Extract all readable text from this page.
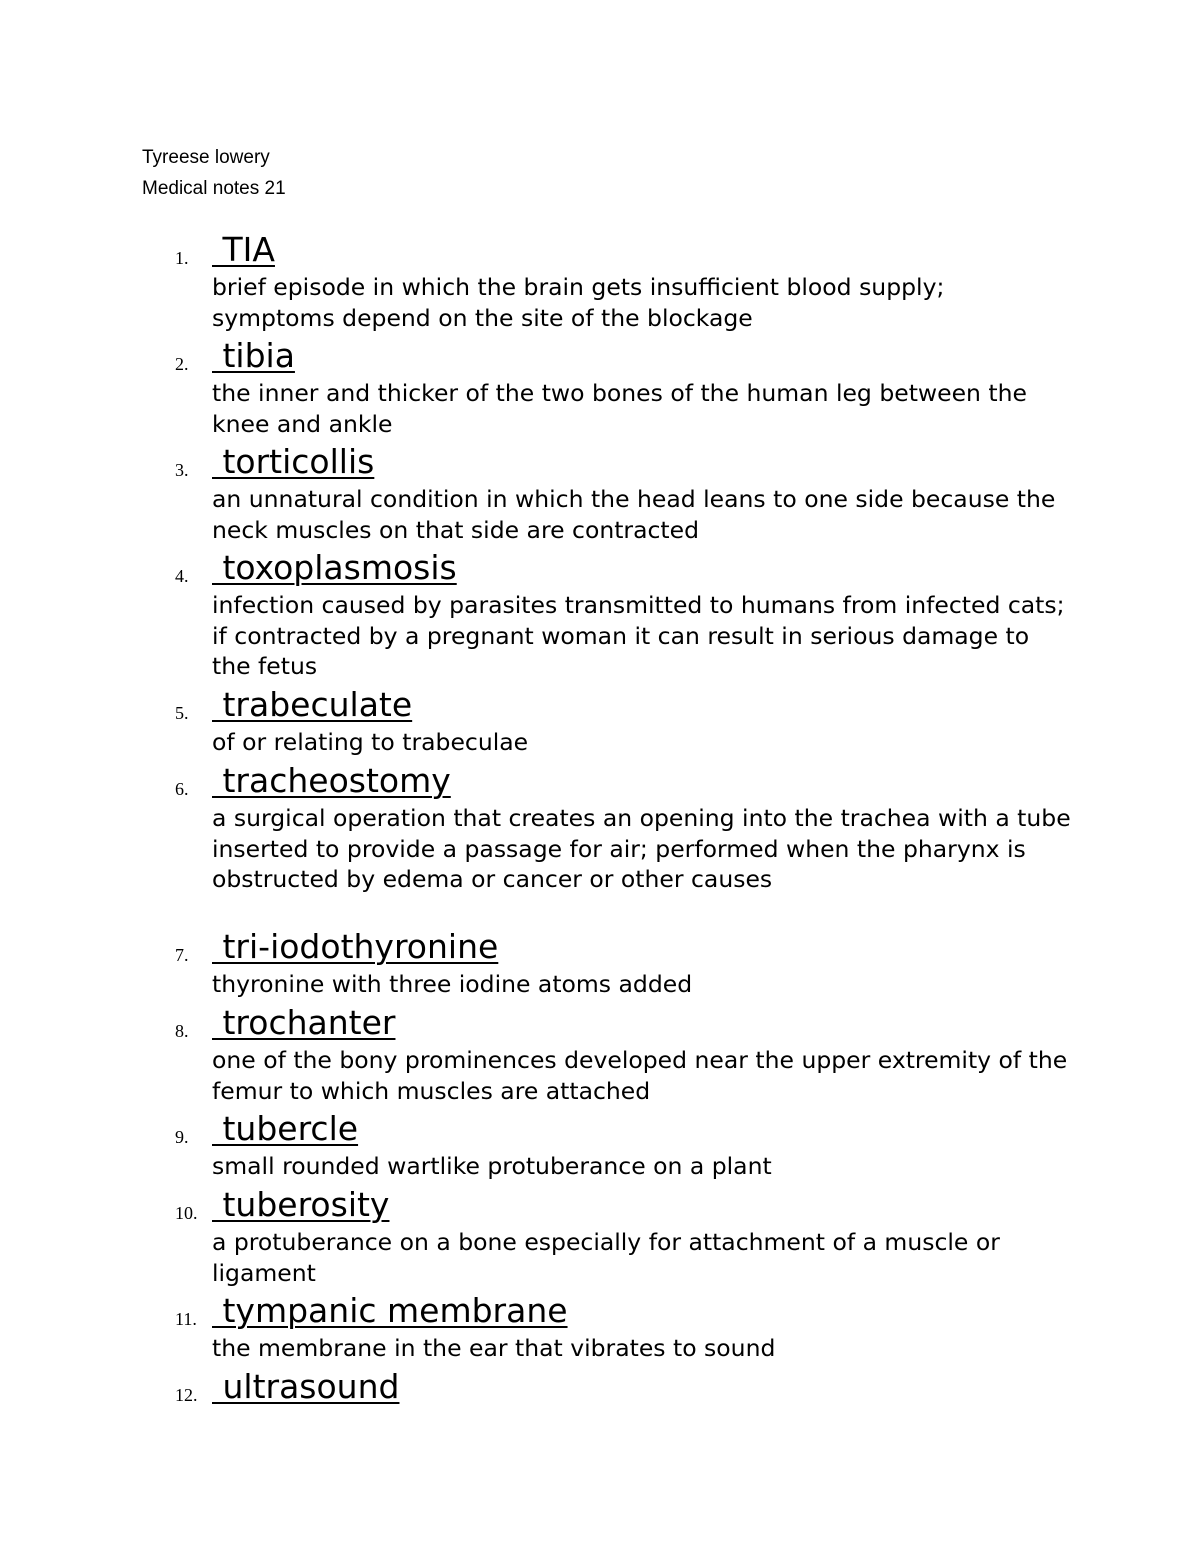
Tyreese lowery
Medical notes 21
1. TIA
brief episode in which the brain gets insufficient blood supply; symptoms depend on the site of the blockage
2. tibia
the inner and thicker of the two bones of the human leg between the knee and ankle
3. torticollis
an unnatural condition in which the head leans to one side because the neck muscles on that side are contracted
4. toxoplasmosis
infection caused by parasites transmitted to humans from infected cats; if contracted by a pregnant woman it can result in serious damage to the fetus
5. trabeculate
of or relating to trabeculae
6. tracheostomy
a surgical operation that creates an opening into the trachea with a tube inserted to provide a passage for air; performed when the pharynx is obstructed by edema or cancer or other causes
7. tri-iodothyronine
thyronine with three iodine atoms added
8. trochanter
one of the bony prominences developed near the upper extremity of the femur to which muscles are attached
9. tubercle
small rounded wartlike protuberance on a plant
10. tuberosity
a protuberance on a bone especially for attachment of a muscle or ligament
11. tympanic membrane
the membrane in the ear that vibrates to sound
12. ultrasound
